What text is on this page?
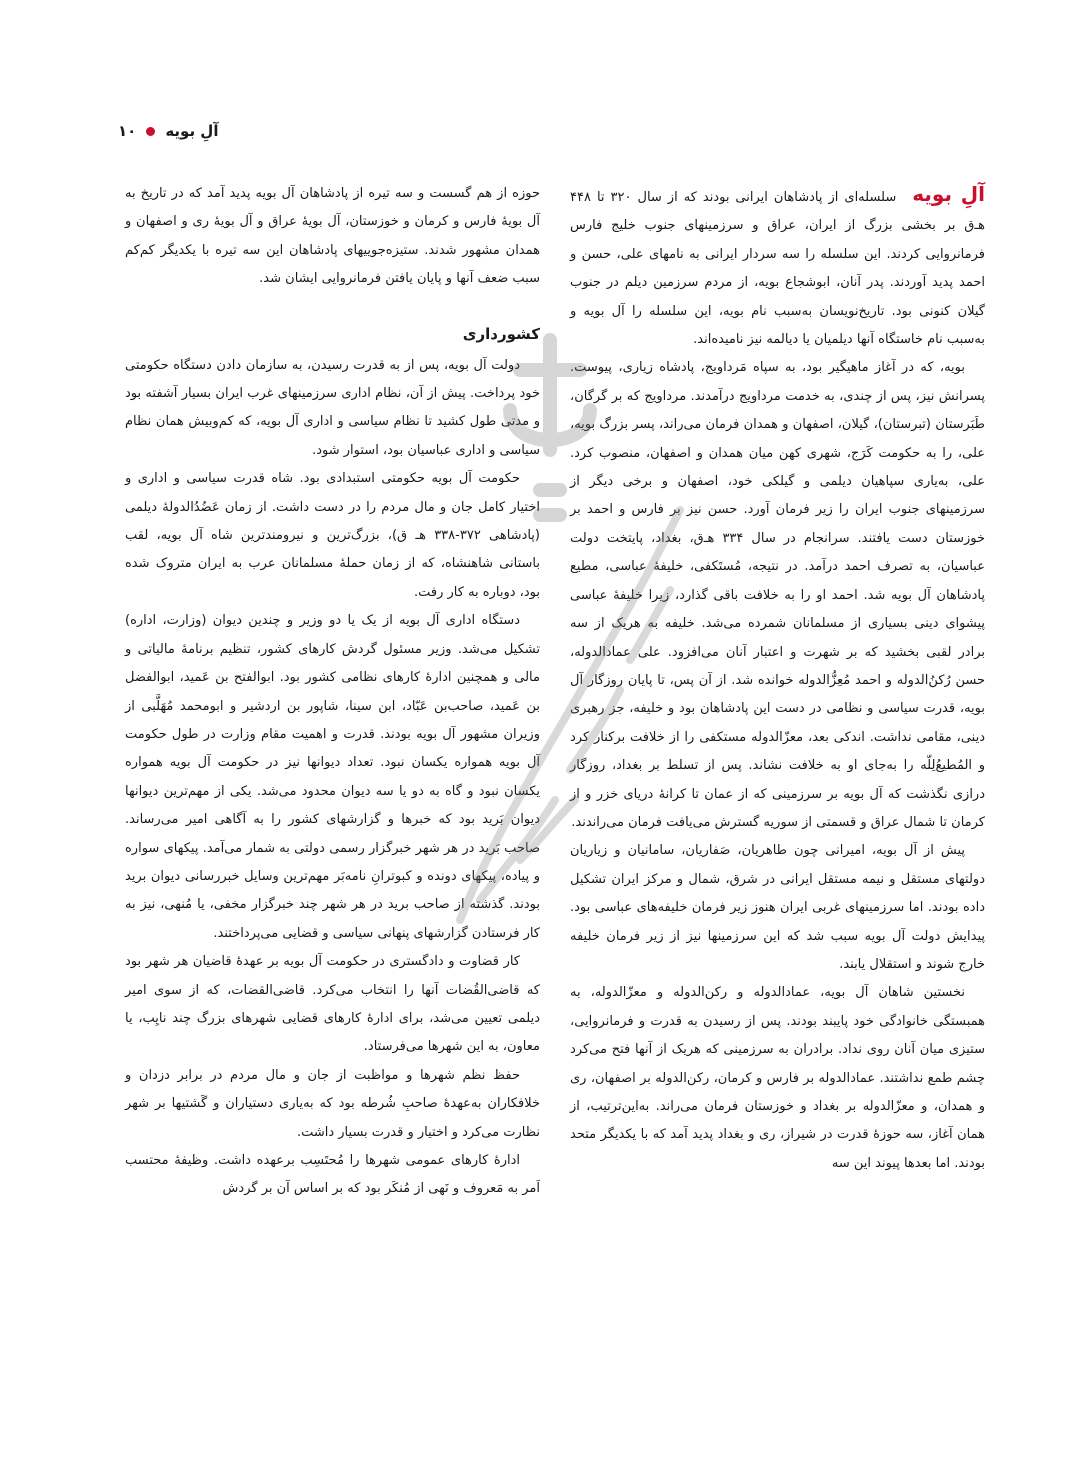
۱۰ آلِ بویه

آلِ بویه سلسله‌ای از پادشاهان ایرانی بودند که از سال ۳۲۰ تا ۴۴۸ هـ‌ق بر بخشی بزرگ از ایران، عراق و سرزمینهای جنوب خلیج فارس فرمانروایی کردند. این سلسله را سه سردار ایرانی به نامهای علی، حسن و احمد پدید آوردند. پدر آنان، ابوشجاع بویه، از مردم سرزمین دیلم در جنوب گیلان کنونی بود. تاریخ‌نویسان به‌سبب نام بویه، این سلسله را آل بویه و به‌سبب نام خاستگاه آنها دیلمیان یا دیالمه نیز نامیده‌اند.

بویه، که در آغاز ماهیگیر بود، به سپاه مَرداویج، پادشاه زیاری، پیوست. پسرانش نیز، پس از چندی، به خدمت مرداویج درآمدند. مرداویج که بر گرگان، طَبَرستان (تبرستان)، گیلان، اصفهان و همدان فرمان می‌راند، پسر بزرگ بویه، علی، را به حکومت کَرَج، شهری کهن میان همدان و اصفهان، منصوب کرد. علی، به‌یاری سپاهیان دیلمی و گیلکی خود، اصفهان و برخی دیگر از سرزمینهای جنوب ایران را زیر فرمان آورد. حسن نیز بر فارس و احمد بر خوزستان دست یافتند. سرانجام در سال ۳۳۴ هـ‌ق، بغداد، پایتخت دولت عباسیان، به تصرف احمد درآمد. در نتیجه، مُستَکفی، خلیفهٔ عباسی، مطیع پادشاهان آل بویه شد. احمد او را به خلافت باقی گذارد، زیرا خلیفهٔ عباسی پیشوای دینی بسیاری از مسلمانان شمرده می‌شد. خلیفه به هریک از سه برادر لقبی بخشید که بر شهرت و اعتبار آنان می‌افزود. علی عمادالدوله، حسن رُکنُ‌الدوله و احمد مُعِزُّالدوله خوانده شد. از آن پس، تا پایان روزگار آل بویه، قدرت سیاسی و نظامی در دست این پادشاهان بود و خلیفه، جز رهبری دینی، مقامی نداشت. اندکی بعد، معزّالدوله مستکفی را از خلافت برکنار کرد و المُطیعُ‌لِلّه را به‌جای او به خلافت نشاند. پس از تسلط بر بغداد، روزگار درازی نگذشت که آل بویه بر سرزمینی که از عمان تا کرانهٔ دریای خزر و از کرمان تا شمال عراق و قسمتی از سوریه گسترش می‌یافت فرمان می‌راندند.

پیش از آل بویه، امیرانی چون طاهریان، صَفاریان، سامانیان و زیاریان دولتهای مستقل و نیمه مستقل ایرانی در شرق، شمال و مرکز ایران تشکیل داده بودند. اما سرزمینهای غربی ایران هنوز زیر فرمان خلیفه‌های عباسی بود. پیدایش دولت آل بویه سبب شد که این سرزمینها نیز از زیر فرمان خلیفه خارج شوند و استقلال یابند.

نخستین شاهان آل بویه، عمادالدوله و رکن‌الدوله و معزّالدوله، به همبستگی خانوادگی خود پایبند بودند. پس از رسیدن به قدرت و فرمانروایی، ستیزی میان آنان روی نداد. برادران به سرزمینی که هریک از آنها فتح می‌کرد چشم طمع نداشتند. عمادالدوله بر فارس و کرمان، رکن‌الدوله بر اصفهان، ری و همدان، و معزّالدوله بر بغداد و خوزستان فرمان می‌راند. به‌این‌ترتیب، از همان آغاز، سه حوزهٔ قدرت در شیراز، ری و بغداد پدید آمد که با یکدیگر متحد بودند. اما بعدها پیوند این سه

حوزه از هم گسست و سه تیره از پادشاهان آل بویه پدید آمد که در تاریخ به آل بویهٔ فارس و کرمان و خوزستان، آل بویهٔ عراق و آل بویهٔ ری و اصفهان و همدان مشهور شدند. ستیزه‌جوییهای پادشاهان این سه تیره با یکدیگر کم‌کم سبب ضعف آنها و پایان یافتن فرمانروایی ایشان شد.

کشورداری

دولت آل بویه، پس از به قدرت رسیدن، به سازمان دادن دستگاه حکومتی خود پرداخت. پیش از آن، نظام اداری سرزمینهای غرب ایران بسیار آشفته بود و مدتی طول کشید تا نظام سیاسی و اداری آل بویه، که کم‌وبیش همان نظام سیاسی و اداری عباسیان بود، استوار شود.

حکومت آل بویه حکومتی استبدادی بود. شاه قدرت سیاسی و اداری و اختیار کامل جان و مال مردم را در دست داشت. از زمان عَضُدُالدولهٔ دیلمی (پادشاهی ۳۷۲-۳۳۸ هـ ق)، بزرگ‌ترین و نیرومندترین شاه آل بویه، لقب باستانی شاهنشاه، که از زمان حملهٔ مسلمانان عرب به ایران متروک شده بود، دوباره به کار رفت.

دستگاه اداری آل بویه از یک یا دو وزیر و چندین دیوان (وزارت، اداره) تشکیل می‌شد. وزیر مسئول گردش کارهای کشور، تنظیم برنامهٔ مالیاتی و مالی و همچنین ادارهٔ کارهای نظامی کشور بود. ابوالفتح بن عَمید، ابوالفضل بن عَمید، صاحب‌بن عَبّاد، ابن سینا، شاپور بن اردشیر و ابومحمد مُهَلَّبی از وزیران مشهور آل بویه بودند. قدرت و اهمیت مقام وزارت در طول حکومت آل بویه همواره یکسان نبود. تعداد دیوانها نیز در حکومت آل بویه همواره یکسان نبود و گاه به دو یا سه دیوان محدود می‌شد. یکی از مهم‌ترین دیوانها دیوان بَرید بود که خبرها و گزارشهای کشور را به آگاهی امیر می‌رساند. صاحب بَرید در هر شهر خبرگزار رسمی دولتی به شمار می‌آمد. پیکهای سواره و پیاده، پیکهای دونده و کبوترانِ نامه‌بَر مهم‌ترین وسایل خبررسانی دیوان برید بودند. گذشته از صاحب برید در هر شهر چند خبرگزار مخفی، یا مُنهی، نیز به کار فرستادن گزارشهای پنهانی سیاسی و قضایی می‌پرداختند.

کار قضاوت و دادگستری در حکومت آل بویه بر عهدهٔ قاضیان هر شهر بود که قاضی‌القُضات آنها را انتخاب می‌کرد. قاضی‌القضات، که از سوی امیر دیلمی تعیین می‌شد، برای ادارهٔ کارهای قضایی شهرهای بزرگ چند نایِب، یا معاون، به این شهرها می‌فرستاد.

حفظ نظم شهرها و مواظبت از جان و مال مردم در برابر دزدان و خلافکاران به‌عهدهٔ صاحبِ شُرطه بود که به‌یاری دستیاران و گَشتیها بر شهر نظارت می‌کرد و اختیار و قدرت بسیار داشت.

ادارهٔ کارهای عمومی شهرها را مُحتَسِب برعهده داشت. وظیفهٔ محتسب اَمر به مَعروف و نَهی از مُنکَر بود که بر اساس آن بر گردش
